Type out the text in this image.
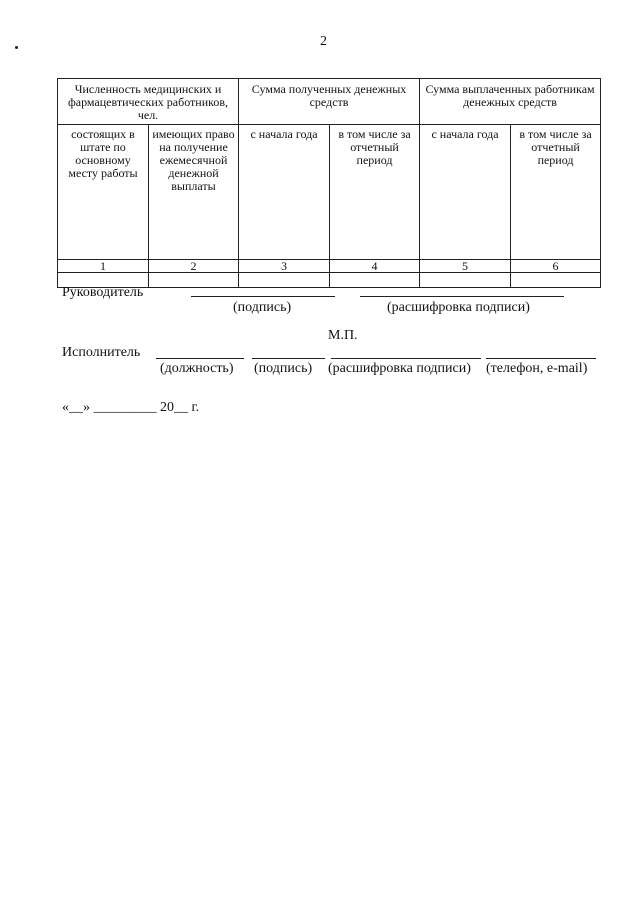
2
Численность медицинских и фармацевтических работников, чел.		Сумма полученных денежных средств		Сумма выплаченных работникам денежных средств	
состоящих в штате по основному месту работы	имеющих право на получение ежемесячной денежной выплаты	с начала года	в том числе за отчетный период	с начала года	в том числе за отчетный период
1	2	3	4	5	6

Руководитель
(подпись)	(расшифровка подписи)
М.П.
Исполнитель
(должность) (подпись) (расшифровка подписи) (телефон, e-mail)
«__» _________ 20__ г.
